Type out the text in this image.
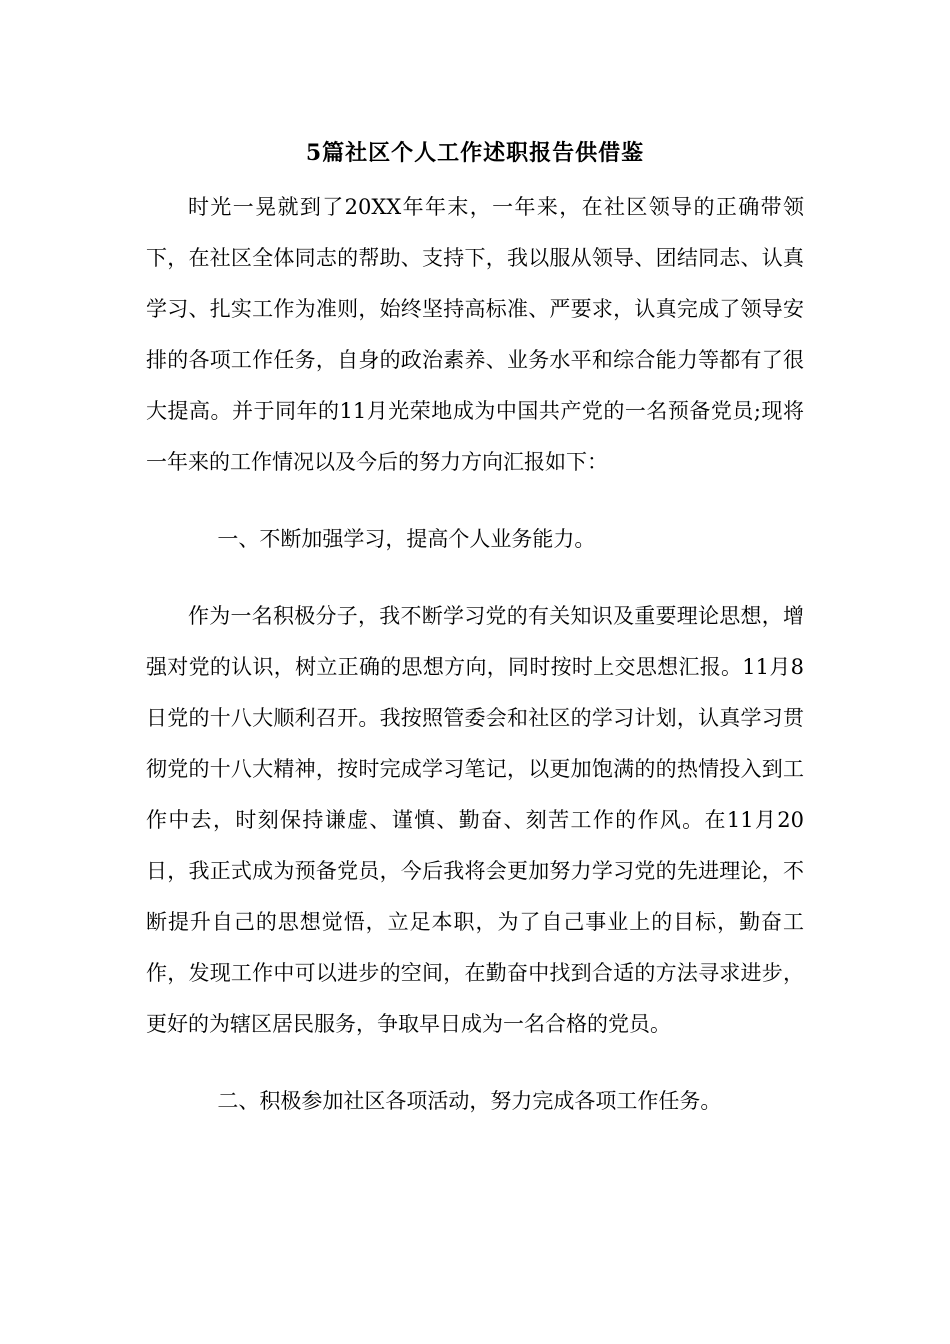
5篇社区个人工作述职报告供借鉴

时光一晃就到了20XX年年末，一年来，在社区领导的正确带领下，在社区全体同志的帮助、支持下，我以服从领导、团结同志、认真学习、扎实工作为准则，始终坚持高标准、严要求，认真完成了领导安排的各项工作任务，自身的政治素养、业务水平和综合能力等都有了很大提高。并于同年的11月光荣地成为中国共产党的一名预备党员;现将一年来的工作情况以及今后的努力方向汇报如下：

一、不断加强学习，提高个人业务能力。

作为一名积极分子，我不断学习党的有关知识及重要理论思想，增强对党的认识，树立正确的思想方向，同时按时上交思想汇报。11月8日党的十八大顺利召开。我按照管委会和社区的学习计划，认真学习贯彻党的十八大精神，按时完成学习笔记，以更加饱满的的热情投入到工作中去，时刻保持谦虚、谨慎、勤奋、刻苦工作的作风。在11月20日，我正式成为预备党员，今后我将会更加努力学习党的先进理论，不断提升自己的思想觉悟，立足本职，为了自己事业上的目标，勤奋工作，发现工作中可以进步的空间，在勤奋中找到合适的方法寻求进步，更好的为辖区居民服务，争取早日成为一名合格的党员。

二、积极参加社区各项活动，努力完成各项工作任务。
